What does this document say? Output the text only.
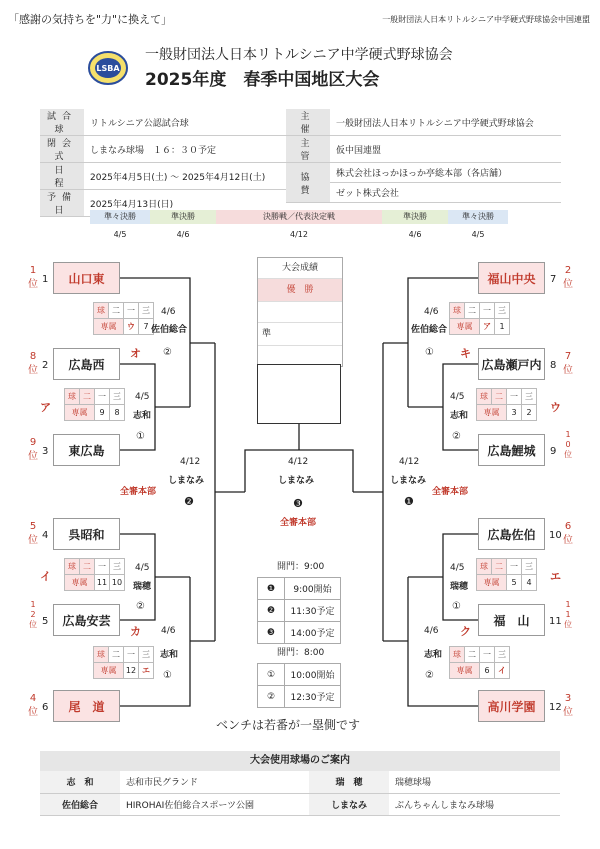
「感謝の気持ちを"力"に換えて」	一般財団法人日本リトルシニア中学硬式野球協会中国連盟
LSBA
一般財団法人日本リトルシニア中学硬式野球協会
2025年度　春季中国地区大会
試合球	リトルシニア公認試合球
閉会式	しまなみ球場　１６：３０予定
日　程	2025年4月5日(土) ～ 2025年4月12日(土)
予備日	2025年4月13日(日)
主　催	一般財団法人日本リトルシニア中学硬式野球協会
主　管	仮中国連盟
協　賛	株式会社ほっかほっか亭総本部（各店舗）
	ゼット株式会社
準々決勝	準決勝	決勝戦／代表決定戦	準決勝	準々決勝
4/5	4/6	4/12	4/6	4/5
大会成績
優　勝
準
1
位 1	山口東
8
位 2	広島西
9
位 3	東広島
5
位 4	呉昭和
1
2
位 5	広島安芸
4
位 6	尾　道
福山中央	7
2
位
広島瀬戸内 8
7
位
広島鯉城	9
1
0
位
広島佐伯	10
6
位
福　山	11
1
1
位
高川学園	12
3
位
球	二	一	三
専属		ウ	7
4/6
佐伯総合
オ ②
ア
球	二	一	三
専属		9	8
4/5
志和
①
イ
球	二	一	三
専属		11	10
4/5
瑞穂
②
カ 4/6
球	二	一	三
専属		12	エ
志和
①
球	二	一	三
専属		ア	1
4/6
佐伯総合
① キ
球	二	一	三
専属		3	2 ウ
4/5
志和
②
球	二	一	三
専属		5	4 エ
4/5
瑞穂
①
ク
4/6
球	二	一	三
専属		6	イ
志和
②
4/12
しまなみ
❷
全審本部
4/12
しまなみ
❸
全審本部
4/12
しまなみ
❶
全審本部
開門：9:00
❶	9:00開始
❷	11:30予定
❸	14:00予定
開門：8:00
①	10:00開始
②	12:30予定
ベンチは若番が一塁側です
大会使用球場のご案内
志　和	志和市民グランド	瑞　穂	瑞穂球場
佐伯総合	HIROHAI佐伯総合スポーツ公園	しまなみ	ぶんちゃんしまなみ球場
